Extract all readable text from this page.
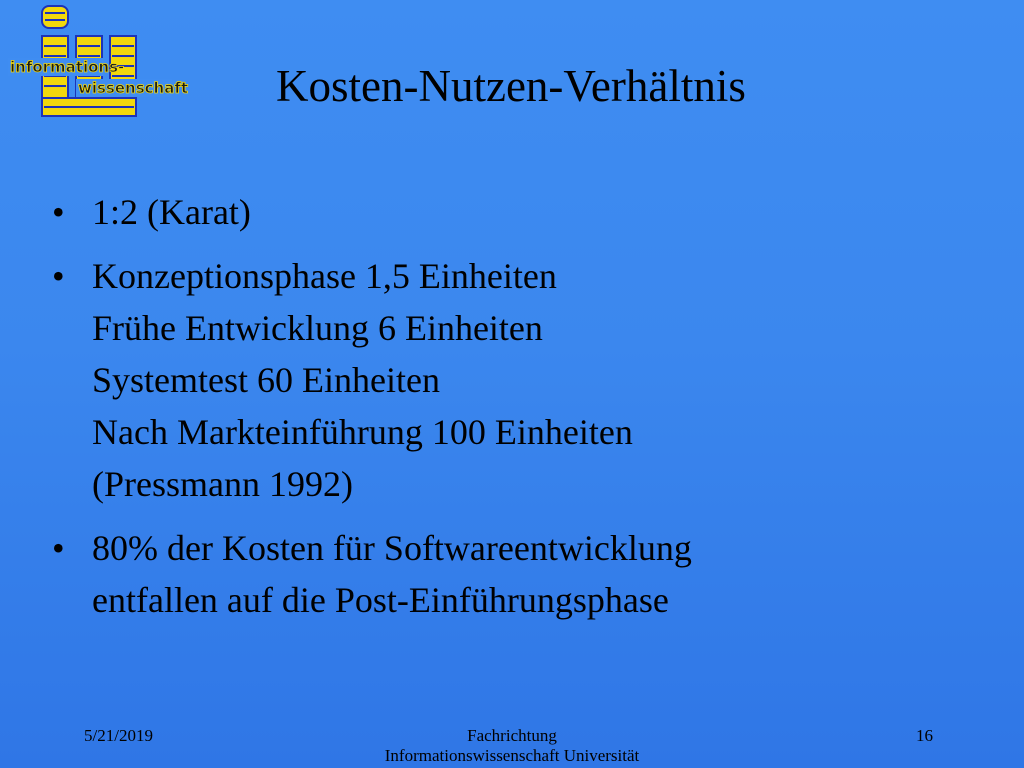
informations-
wissenschaft Kosten-Nutzen-Verhältnis
• 1:2 (Karat)
• Konzeptionsphase 1,5 Einheiten
Frühe Entwicklung 6 Einheiten
Systemtest 60 Einheiten
Nach Markteinführung 100 Einheiten
(Pressmann 1992)
• 80% der Kosten für Softwareentwicklung
entfallen auf die Post-Einführungsphase
5/21/2019	Fachrichtung
Informationswissenschaft Universität
16
